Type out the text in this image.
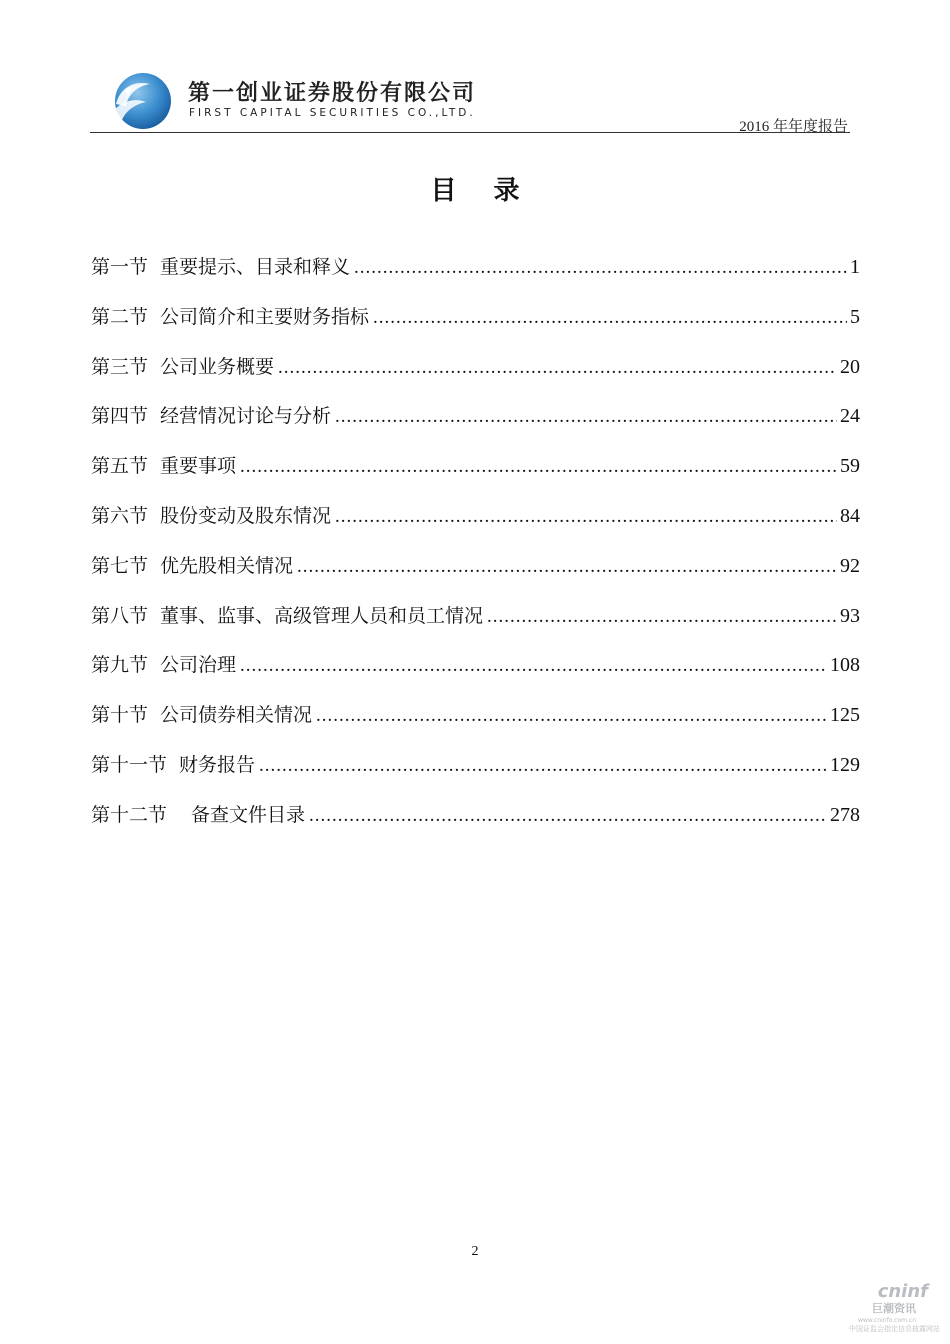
第一创业证券股份有限公司
FIRST CAPITAL SECURITIES CO.,LTD.
2016 年年度报告
目 录
第一节 重要提示、目录和释义 .....	1
第二节 公司简介和主要财务指标 .....	5
第三节 公司业务概要 .....	20
第四节 经营情况讨论与分析 .....	24
第五节 重要事项 .....	59
第六节 股份变动及股东情况 .....	84
第七节 优先股相关情况 .....	92
第八节 董事、监事、高级管理人员和员工情况 .....	93
第九节 公司治理 .....	108
第十节 公司债券相关情况 .....	125
第十一节 财务报告 .....	129
第十二节 备查文件目录 .....	278
2
cninf
巨潮资讯
www.cninfo.com.cn
中国证监会指定信息披露网站
